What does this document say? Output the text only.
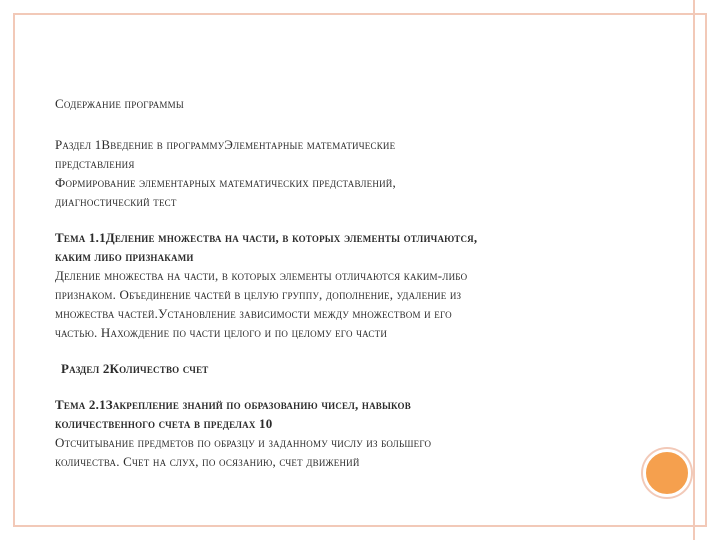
Содержание программы
Раздел 1Введение в программуЭлементарные математические
представления
Формирование элементарных математических представлений,
диагностический тест
Тема 1.1Деление множества на части, в которых элементы отличаются,
каким либо признаками
Деление множества на части, в которых элементы отличаются каким-либо
признаком. Объединение частей в целую группу, дополнение, удаление из
множества частей.Установление зависимости между множеством и его
частью. Нахождение по части целого и по целому его части
Раздел 2Количество счет
Тема 2.1Закрепление знаний по образованию чисел, навыков
количественного счета в пределах 10
Отсчитывание предметов по образцу и заданному числу из большего
количества. Счет на слух, по осязанию, счет движений
